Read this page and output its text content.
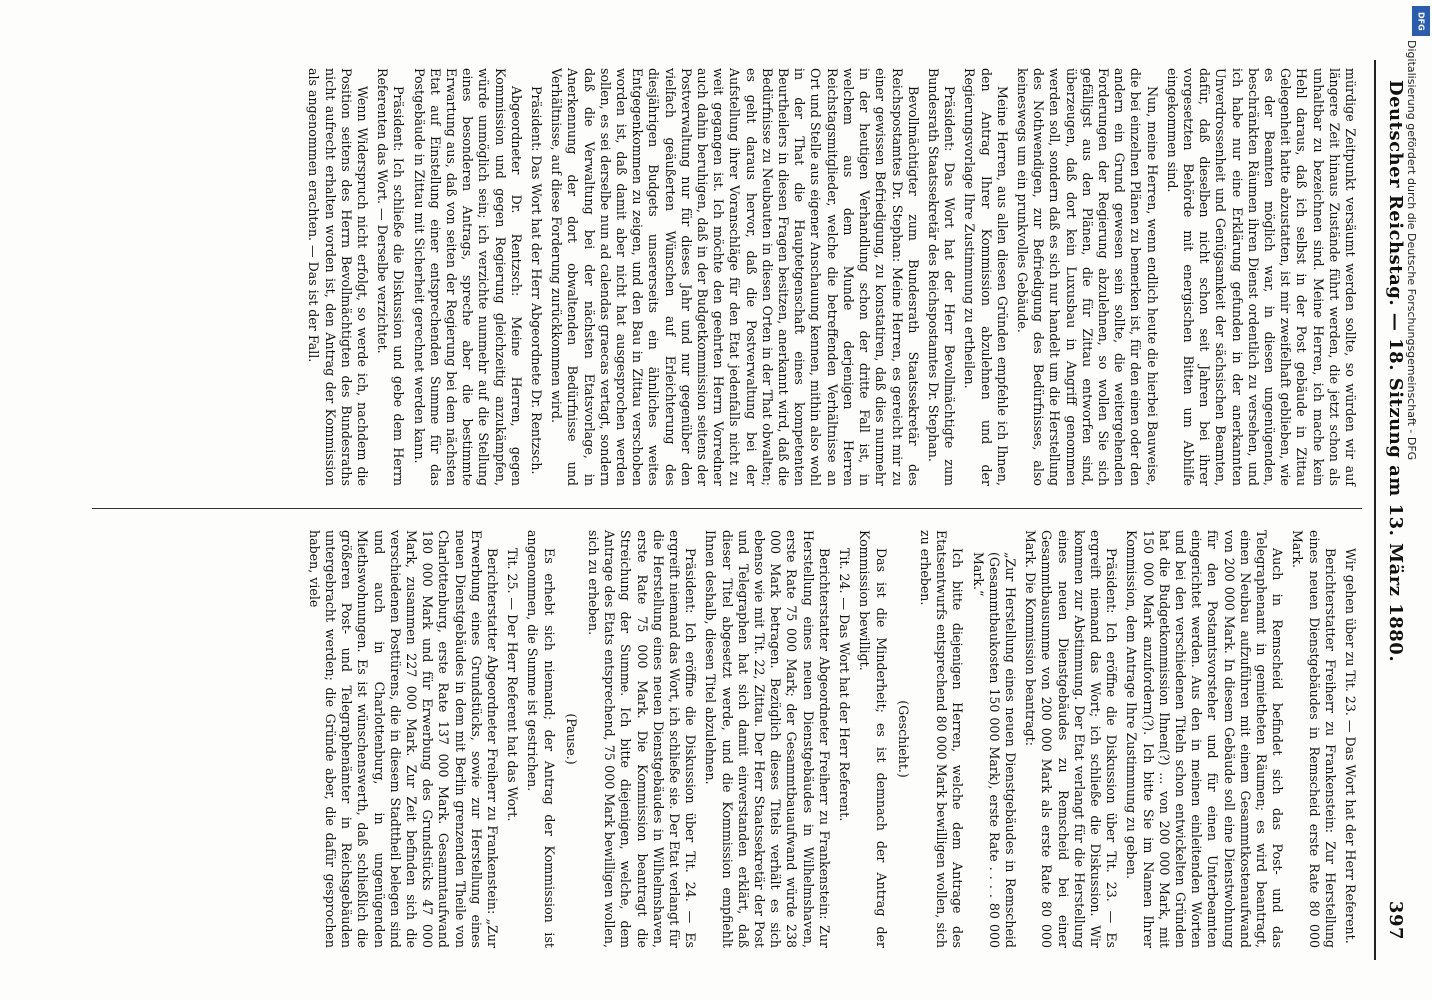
Deutscher Reichstag. — 18. Sitzung am 13. März 1880.
397

mürdige Zeitpunkt versäumt werden sollte, so würden wir auf längere Zeit hinaus Zustände führt werden, die jetzt schon als unhaltbar zu bezeichnen sind. Meine Herren, ich mache kein Hehl daraus, daß ich selbst in der Post gebäude in Zittau Gelegenheit hatte abzustatten, ist mir zweifelhaft geblieben, wie es der Beamten möglich war, in diesen ungenügenden, beschränkten Räumen ihren Dienst ordentlich zu versehen, und ich habe nur eine Erklärung gefunden in der anerkannten Unverdrossenheit und Genügsamkeit der sächsischen Beamten, dafür, daß dieselben nicht schon seit Jahren bei ihrer vorgesetzten Behörde mit energischen Bitten um Abhilfe eingekommen sind.

Nun, meine Herren, wenn endlich heute die hierbei Bauweise, die bei einzelnen Plänen zu bemerken ist, für den einen oder den andern ein Grund gewesen sein sollte, die weitergehenden Forderungen der Regierung abzulehnen, so wollen Sie sich gefälligst aus den Plänen, die für Zittau entworfen sind, überzeugen, daß dort kein Luxusbau in Angriff genommen werden soll, sondern daß es sich nur handelt um die Herstellung des Nothwendigen, zur Befriedigung des Bedürfnisses, also keineswegs um ein prunkvolles Gebäude.

Meine Herren, aus allen diesen Gründen empfehle ich Ihnen, den Antrag Ihrer Kommission abzulehnen und der Regierungsvorlage Ihre Zustimmung zu ertheilen.

Präsident: Das Wort hat der Herr Bevollmächtigte zum Bundesrath Staatssekretär des Reichspostamtes Dr. Stephan.

Bevollmächtigter zum Bundesrath Staatssekretär des Reichspostamtes Dr. Stephan: Meine Herren, es gereicht mir zu einer gewissen Befriedigung, zu konstatiren, daß dies nunmehr in der heutigen Verhandlung schon der dritte Fall ist, in welchem aus dem Munde derjenigen Herren Reichstagsmitglieder, welche die betreffenden Verhältnisse an Ort und Stelle aus eigener Anschauung kennen, mithin also wohl in der That die Hauptetgenschaft eines kompetenten Beurtheilers in diesen Fragen besitzen, anerkannt wird, daß die Bedürfnisse zu Neubauten in diesen Orten in der That obwalten; es geht daraus hervor, daß die Postverwaltung bei der Aufstellung ihrer Voranschläge für den Etat jedenfalls nicht zu weit gegangen ist. Ich möchte den geehrten Herrn Vorredner auch dahin beruhigen, daß in der Budgetkommission seitens der Postverwaltung nur für dieses Jahr und nur gegenüber den vielfach geäußerten Wünschen auf Erleichterung des diesjährigen Budgets unsererseits ein ähnliches weites Entgegenkommen zu zeigen, und den Bau in Zittau verschoben worden ist, daß damit aber nicht hat ausgesprochen werden sollen, es sei derselbe nun ad calendas graecas vertagt, sondern daß die Verwaltung bei der nächsten Etatsvorlage, in Anerkennung der dort obwaltenden Bedürfnisse und Verhältnisse, auf diese Forderung zurückkommen wird.

Präsident: Das Wort hat der Herr Abgeordnete Dr. Rentzsch.

Abgeordneter Dr. Rentzsch: Meine Herren, gegen Kommission und gegen Regierung gleichzeitig anzukämpfen, würde unmöglich sein; ich verzichte nunmehr auf die Stellung eines besonderen Antrags, spreche aber die bestimmte Erwartung aus, daß von seiten der Regierung bei dem nächsten Etat auf Einstellung einer entsprechenden Summe für das Postgebäude in Zittau mit Sicherheit gerechnet werden kann.

Präsident: Ich schließe die Diskussion und gebe dem Herrn Referenten das Wort. — Derselbe verzichtet.

Wenn Widerspruch nicht erfolgt, so werde ich, nachdem die Position seitens des Herrn Bevollmächtigten des Bundesraths nicht aufrecht erhalten worden ist, den Antrag der Kommission als angenommen erachten. — Das ist der Fall.

Wir gehen über zu Tit. 23. — Das Wort hat der Herr Referent.

Berichterstatter Freiherr zu Frankenstein: Zur Herstellung eines neuen Dienstgebäudes in Remscheid erste Rate 80 000 Mark.

Auch in Remscheid befindet sich das Post- und das Telegraphenamt in gemietheten Räumen; es wird beantragt, einen Neubau aufzuführen mit einem Gesammtkostenaufwand von 200 000 Mark. In diesem Gebäude soll eine Dienstwohnung für den Postamtsvorsteher und für einen Unterbeamten eingerichtet werden. Aus den in meinen einleitenden Worten und bei den verschiedenen Titeln schon entwickelten Gründen hat die Budgetkommission Ihnen(?) ... von 200 000 Mark, mit 150 000 Mark anzufordern(?). Ich bitte Sie im Namen Ihrer Kommission, dem Antrage Ihre Zustimmung zu geben.

Präsident: Ich eröffne die Diskussion über Tit. 23. — Es ergreift niemand das Wort; ich schließe die Diskussion. Wir kommen zur Abstimmung. Der Etat verlangt für die Herstellung eines neuen Dienstgebäudes zu Remscheid bei einer Gesammtbausumme von 200 000 Mark als erste Rate 80 000 Mark. Die Kommission beantragt:

„Zur Herstellung eines neuen Dienstgebäudes in Remscheid (Gesammtbaukosten 150 000 Mark), erste Rate . . . . 80 000 Mark.“

Ich bitte diejenigen Herren, welche dem Antrage des Etatsentwurfs entsprechend 80 000 Mark bewilligen wollen, sich zu erheben.

(Geschieht.)

Das ist die Minderheit; es ist demnach der Antrag der Kommission bewilligt.

Tit. 24. — Das Wort hat der Herr Referent.

Berichterstatter Abgeordneter Freiherr zu Frankenstein: Zur Herstellung eines neuen Dienstgebäudes in Wilhelmshaven, erste Rate 75 000 Mark; der Gesammtbauaufwand würde 238 000 Mark betragen. Bezüglich dieses Titels verhält es sich ebenso wie mit Tit. 22, Zittau. Der Herr Staatssekretär der Post und Telegraphen hat sich damit einverstanden erklärt, daß dieser Titel abgesetzt werde, und die Kommission empfiehlt Ihnen deshalb, diesen Titel abzulehnen.

Präsident: Ich eröffne die Diskussion über Tit. 24. — Es ergreift niemand das Wort, ich schließe sie. Der Etat verlangt für die Herstellung eines neuen Dienstgebäudes in Wilhelmshaven, erste Rate 75 000 Mark. Die Kommission beantragt die Streichung der Summe. Ich bitte diejenigen, welche, dem Antrage des Etats entsprechend, 75 000 Mark bewilligen wollen, sich zu erheben.

(Pause.)

Es erhebt sich niemand; der Antrag der Kommission ist angenommen, die Summe ist gestrichen.

Tit. 25. — Der Herr Referent hat das Wort.

Berichterstatter Abgeordneter Freiherr zu Frankenstein: „Zur Erwerbung eines Grundstücks, sowie zur Herstellung eines neuen Dienstgebäudes in dem mit Berlin grenzenden Theile von Charlottenburg, erste Rate 137 000 Mark. Gesammtaufwand 180 000 Mark und für Erwerbung des Grundstücks 47 000 Mark, zusammen 227 000 Mark. Zur Zeit befinden sich die verschiedenen Posttürens, die in diesem Stadttheil belegen sind und auch in Charlottenburg, in ungenügenden Miethswohnungen. Es ist wünschenswerth, daß schließlich die größeren Post- und Telegraphenämter in Reichsgebäuden untergebracht werden; die Gründe aber, die dafür gesprochen haben, viele

Digitalisierung gefördert durch die Deutsche Forschungsgemeinschaft - DFG
DFG
